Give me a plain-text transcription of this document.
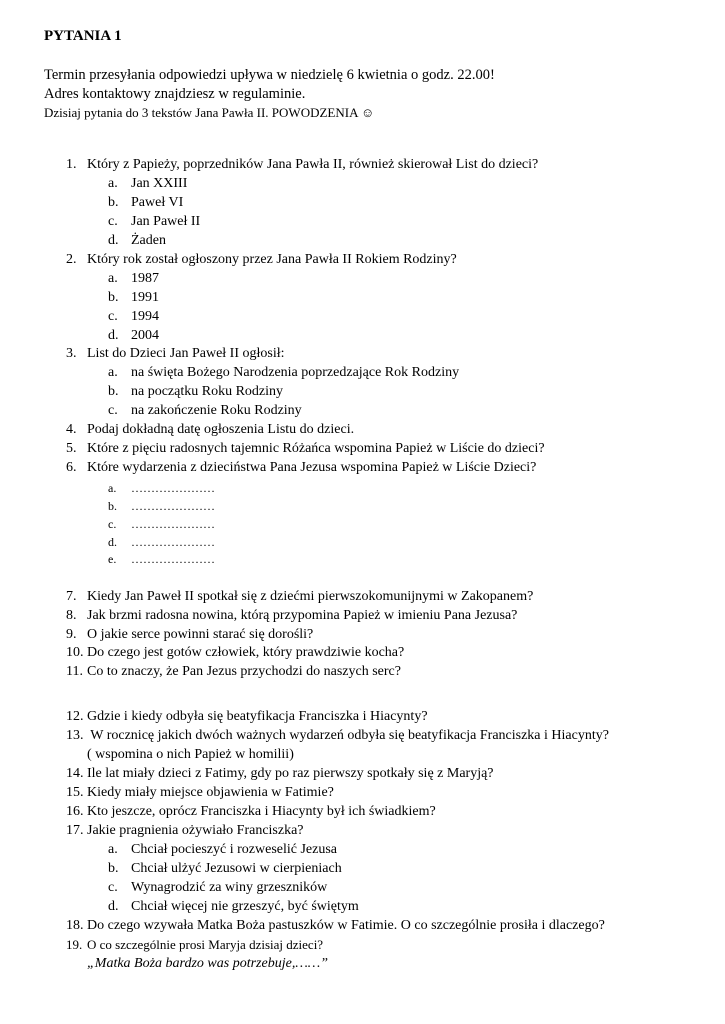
PYTANIA 1
Termin przesyłania odpowiedzi upływa w niedzielę 6 kwietnia o godz. 22.00!
Adres kontaktowy znajdziesz w regulaminie.
Dzisiaj pytania do 3 tekstów Jana Pawła II. POWODZENIA ☺
1. Który z Papieży, poprzedników Jana Pawła II, również skierował List do dzieci?
a. Jan XXIII
b. Paweł VI
c. Jan Paweł II
d. Żaden
2. Który rok został ogłoszony przez Jana Pawła II Rokiem Rodziny?
a. 1987
b. 1991
c. 1994
d. 2004
3. List do Dzieci Jan Paweł II ogłosił:
a. na święta Bożego Narodzenia poprzedzające Rok Rodziny
b. na początku Roku Rodziny
c. na zakończenie Roku Rodziny
4. Podaj dokładną datę ogłoszenia Listu do dzieci.
5. Które z pięciu radosnych tajemnic Różańca wspomina Papież w Liście do dzieci?
6. Które wydarzenia z dzieciństwa Pana Jezusa wspomina Papież w Liście Dzieci?
a. …………………
b. …………………
c. …………………
d. …………………
e. …………………
7. Kiedy Jan Paweł II spotkał się z dziećmi pierwszokomunijnymi w Zakopanem?
8. Jak brzmi radosna nowina, którą przypomina Papież w imieniu Pana Jezusa?
9. O jakie serce powinni starać się dorośli?
10. Do czego jest gotów człowiek, który prawdziwie kocha?
11. Co to znaczy, że Pan Jezus przychodzi do naszych serc?
12. Gdzie i kiedy odbyła się beatyfikacja Franciszka i Hiacynty?
13. W rocznicę jakich dwóch ważnych wydarzeń odbyła się beatyfikacja Franciszka i Hiacynty?
( wspomina o nich Papież w homilii)
14. Ile lat miały dzieci z Fatimy, gdy po raz pierwszy spotkały się z Maryją?
15. Kiedy miały miejsce objawienia w Fatimie?
16. Kto jeszcze, oprócz Franciszka i Hiacynty był ich świadkiem?
17. Jakie pragnienia ożywiało Franciszka?
a. Chciał pocieszyć i rozweselić Jezusa
b. Chciał ulżyć Jezusowi w cierpieniach
c. Wynagrodzić za winy grzeszników
d. Chciał więcej nie grzeszyć, być świętym
18. Do czego wzywała Matka Boża pastuszków w Fatimie. O co szczególnie prosiła i dlaczego?
19. O co szczególnie prosi Maryja dzisiaj dzieci?
„Matka Boża bardzo was potrzebuje,……”
